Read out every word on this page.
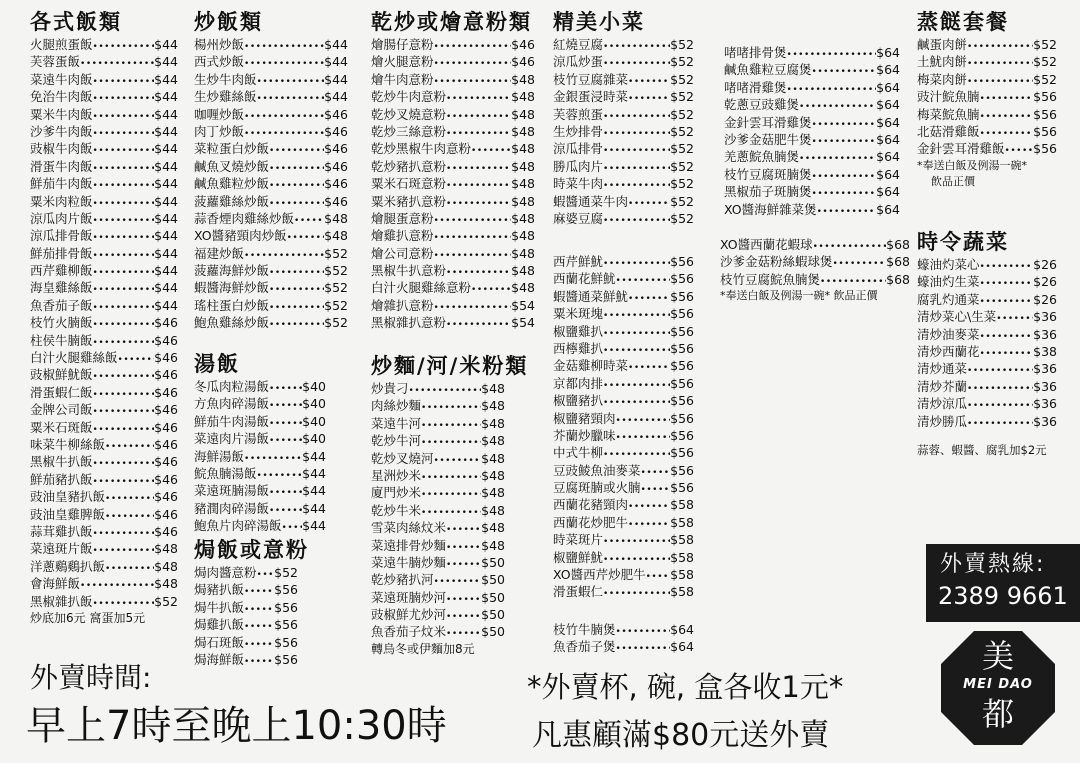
各式飯類
火腿煎蛋飯 •••••	$44
芙蓉蛋飯 •••••	$44
菜遠牛肉飯 •••••	$44
免治牛肉飯 •••••	$44
粟米牛肉飯 •••••	$44
沙爹牛肉飯 •••••	$44
豉椒牛肉飯 •••••	$44
滑蛋牛肉飯 •••••	$44
鮮茄牛肉飯 •••••	$44
粟米肉粒飯 •••••	$44
涼瓜肉片飯 •••••	$44
涼瓜排骨飯 •••••	$44
鮮茄排骨飯 •••••	$44
西芹雞柳飯 •••••	$44
海皇雞絲飯 •••••	$44
魚香茄子飯 •••••	$44
枝竹火腩飯 •••••	$46
柱侯牛腩飯 •••••	$46
白汁火腿雞絲飯 •••••	$46
豉椒鮮魷飯 •••••	$46
滑蛋蝦仁飯 •••••	$46
金牌公司飯 •••••	$46
粟米石斑飯 •••••	$46
味菜牛柳絲飯 •••••	$46
黑椒牛扒飯 •••••	$46
鮮茄豬扒飯 •••••	$46
豉油皇豬扒飯 •••••	$46
豉油皇雞脾飯 •••••	$46
蒜茸雞扒飯 •••••	$46
菜遠斑片飯 •••••	$48
洋蔥鷄鷄扒飯 •••••	$48
會海鮮飯 •••••	$48
黑椒雜扒飯 •••••	$52
炒底加6元 窩蛋加5元
炒飯類
楊州炒飯 •••••	$44
西式炒飯 •••••	$44
生炒牛肉飯 •••••	$44
生炒雞絲飯 •••••	$44
咖喱炒飯 •••••	$46
肉丁炒飯 •••••	$46
菜粒蛋白炒飯 •••••	$46
鹹魚叉燒炒飯 •••••	$46
鹹魚雞粒炒飯 •••••	$46
菠蘿雞絲炒飯 •••••	$46
蒜香煙肉雞絲炒飯 ••••• $48
XO醬豬頸肉炒飯 •••••	$48
福建炒飯 •••••	$52
菠蘿海鮮炒飯 •••••	$52
蝦醬海鮮炒飯 •••••	$52
瑤柱蛋白炒飯 •••••	$52
鮑魚雞絲炒飯 •••••	$52
湯飯
冬瓜肉粒湯飯 •••••	$40
方魚肉碎湯飯 •••••	$40
鮮茄牛肉湯飯 •••••	$40
菜遠肉片湯飯 •••••	$40
海鮮湯飯 •••••	$44
鯇魚腩湯飯 •••••	$44
菜遠斑腩湯飯 •••••	$44
豬潤肉碎湯飯 •••••	$44
鮑魚片肉碎湯飯 ••••• $44
焗飯或意粉
焗肉醬意粉 ••••• $52
焗豬扒飯 ••••• $56
焗牛扒飯 ••••• $56
焗雞扒飯 ••••• $56
焗石斑飯 ••••• $56
焗海鮮飯 ••••• $56
乾炒或燴意粉類
燴腸仔意粉 •••••	$46
燴火腿意粉 •••••	$46
燴牛肉意粉 •••••	$48
乾炒牛肉意粉 •••••	$48
乾炒叉燒意粉 •••••	$48
乾炒三絲意粉 •••••	$48
乾炒黑椒牛肉意粉 •••••	$48
乾炒豬扒意粉 •••••	$48
粟米石斑意粉 •••••	$48
粟米豬扒意粉 •••••	$48
燴腿蛋意粉 •••••	$48
燴雞扒意粉 •••••	$48
燴公司意粉 •••••	$48
黑椒牛扒意粉 •••••	$48
白汁火腿雞絲意粉 •••••	$48
燴雜扒意粉 •••••	$54
黑椒雜扒意粉 •••••	$54
炒麵/河/米粉類
炒貴刁 •••••	$48
肉絲炒麵 •••••	$48
菜遠牛河 •••••	$48
乾炒牛河 •••••	$48
乾炒叉燒河 •••••	$48
星洲炒米 •••••	$48
廈門炒米 •••••	$48
乾炒牛米 •••••	$48
雪菜肉絲炆米 •••••	$48
菜遠排骨炒麵 •••••	$48
菜遠牛腩炒麵 •••••	$50
乾炒豬扒河 •••••	$50
菜遠斑腩炒河 •••••	$50
豉椒鮮尤炒河 •••••	$50
魚香茄子炆米 •••••	$50
轉烏冬或伊麵加8元
精美小菜
紅燒豆腐 •••••	$52
涼瓜炒蛋 •••••	$52
枝竹豆腐雜菜 •••••	$52
金銀蛋浸時菜 •••••	$52
芙蓉煎蛋 •••••	$52
生炒排骨 •••••	$52
涼瓜排骨 •••••	$52
勝瓜肉片 •••••	$52
時菜牛肉 •••••	$52
蝦醬通菜牛肉 •••••	$52
麻婆豆腐 •••••	$52
西芹鮮魷 •••••	$56
西蘭花鮮魷 •••••	$56
蝦醬通菜鮮魷 •••••	$56
粟米斑塊 •••••	$56
椒鹽雞扒 •••••	$56
西檸雞扒 •••••	$56
金菇雞柳時菜 •••••	$56
京都肉排 •••••	$56
椒鹽豬扒 •••••	$56
椒鹽豬頸肉 •••••	$56
芥蘭炒臘味 •••••	$56
中式牛柳 •••••	$56
豆豉鯪魚油麥菜 ••••• $56
豆腐斑腩或火腩 ••••• $56
西蘭花豬頸肉 •••••	$58
西蘭花炒肥牛 •••••	$58
時菜斑片 •••••	$58
椒鹽鮮魷 •••••	$58
XO醬西芹炒肥牛 ••••• $58
滑蛋蝦仁 •••••	$58
枝竹牛腩煲 •••••	$64
魚香茄子煲 •••••	$64
啫啫排骨煲 •••••	$64
鹹魚雞粒豆腐煲 •••••	$64
啫啫滑雞煲 •••••	$64
乾蔥豆豉雞煲 •••••	$64
金針雲耳滑雞煲 •••••	$64
沙爹金菇肥牛煲 •••••	$64
羌蔥鯇魚腩煲 •••••	$64
枝竹豆腐斑腩煲 •••••	$64
黑椒茄子斑腩煲 •••••	$64
XO醬海鮮雜菜煲 •••••	$64
XO醬西蘭花蝦球 •••••	$68
沙爹金菇粉絲蝦球煲 •••••	$68
枝竹豆腐鯇魚腩煲 •••••	$68
*奉送白飯及例湯一碗* 飲品正價
蒸餸套餐
鹹蛋肉餅 •••••	$52
土魷肉餅 •••••	$52
梅菜肉餅 •••••	$52
豉汁鯇魚腩 •••••	$56
梅菜鯇魚腩 •••••	$56
北菇滑雞飯 •••••	$56
金針雲耳滑雞飯 ••••• $56
*奉送白飯及例湯一碗*
飲品正價
時令蔬菜
蠔油灼菜心 •••••	$26
蠔油灼生菜 •••••	$26
腐乳灼通菜 •••••	$26
清炒菜心\生菜 •••••	$36
清炒油麥菜 •••••	$36
清炒西蘭花 •••••	$38
清炒通菜 •••••	$36
清炒芥蘭 •••••	$36
清炒涼瓜 •••••	$36
清炒勝瓜 •••••	$36
蒜蓉、蝦醬、腐乳加$2元
外賣熱線:
2389 9661
美
MEI DAO
都
外賣時間:
早上7時至晚上10:30時
*外賣杯, 碗, 盒各收1元*
凡惠顧滿$80元送外賣
